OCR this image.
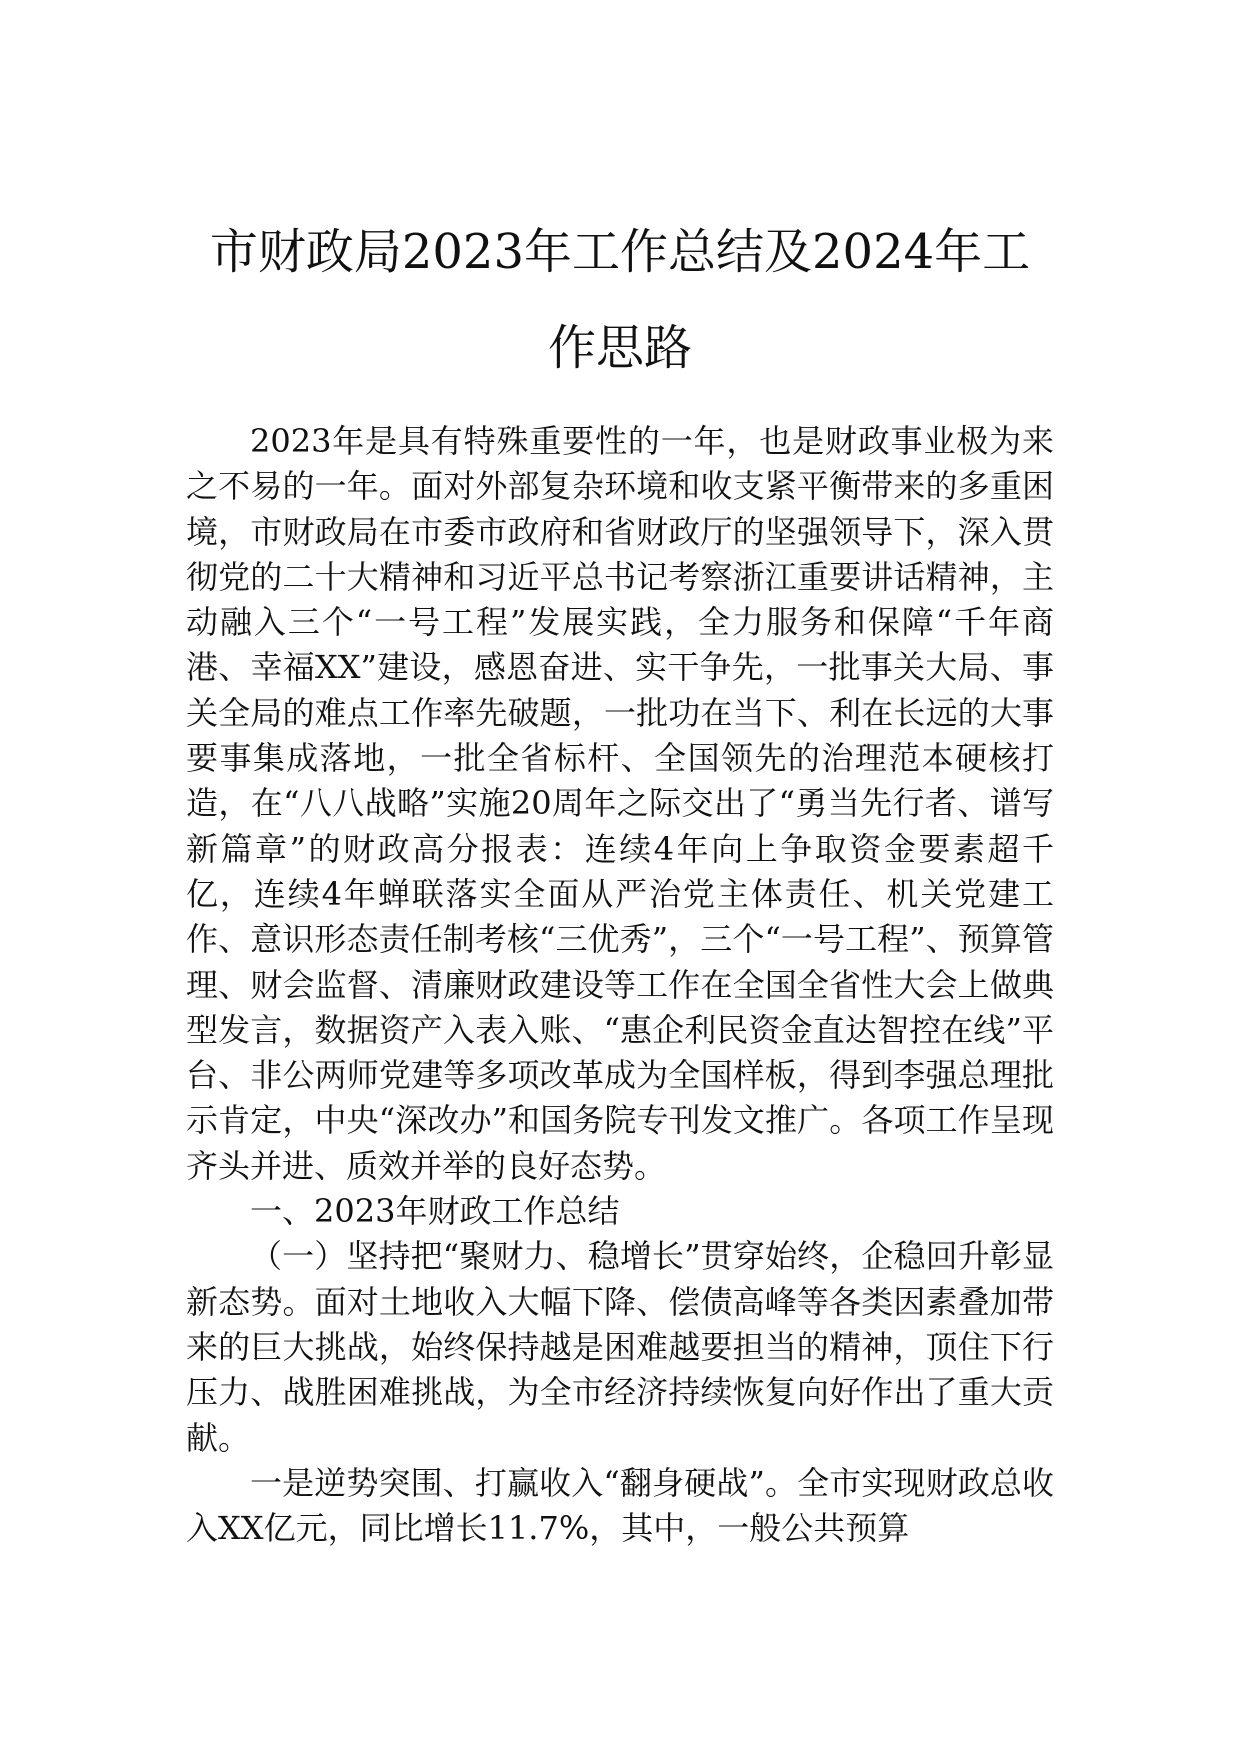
市财政局2023年工作总结及2024年工作思路

2023年是具有特殊重要性的一年，也是财政事业极为来之不易的一年。面对外部复杂环境和收支紧平衡带来的多重困境，市财政局在市委市政府和省财政厅的坚强领导下，深入贯彻党的二十大精神和习近平总书记考察浙江重要讲话精神，主动融入三个“一号工程”发展实践，全力服务和保障“千年商港、幸福XX”建设，感恩奋进、实干争先，一批事关大局、事关全局的难点工作率先破题，一批功在当下、利在长远的大事要事集成落地，一批全省标杆、全国领先的治理范本硬核打造，在“八八战略”实施20周年之际交出了“勇当先行者、谱写新篇章”的财政高分报表：连续4年向上争取资金要素超千亿，连续4年蝉联落实全面从严治党主体责任、机关党建工作、意识形态责任制考核“三优秀”，三个“一号工程”、预算管理、财会监督、清廉财政建设等工作在全国全省性大会上做典型发言，数据资产入表入账、“惠企利民资金直达智控在线”平台、非公两师党建等多项改革成为全国样板，得到李强总理批示肯定，中央“深改办”和国务院专刊发文推广。各项工作呈现齐头并进、质效并举的良好态势。

一、2023年财政工作总结

（一）坚持把“聚财力、稳增长”贯穿始终，企稳回升彰显新态势。面对土地收入大幅下降、偿债高峰等各类因素叠加带来的巨大挑战，始终保持越是困难越要担当的精神，顶住下行压力、战胜困难挑战，为全市经济持续恢复向好作出了重大贡献。

一是逆势突围、打赢收入“翻身硬战”。全市实现财政总收入XX亿元，同比增长11.7%，其中，一般公共预算
